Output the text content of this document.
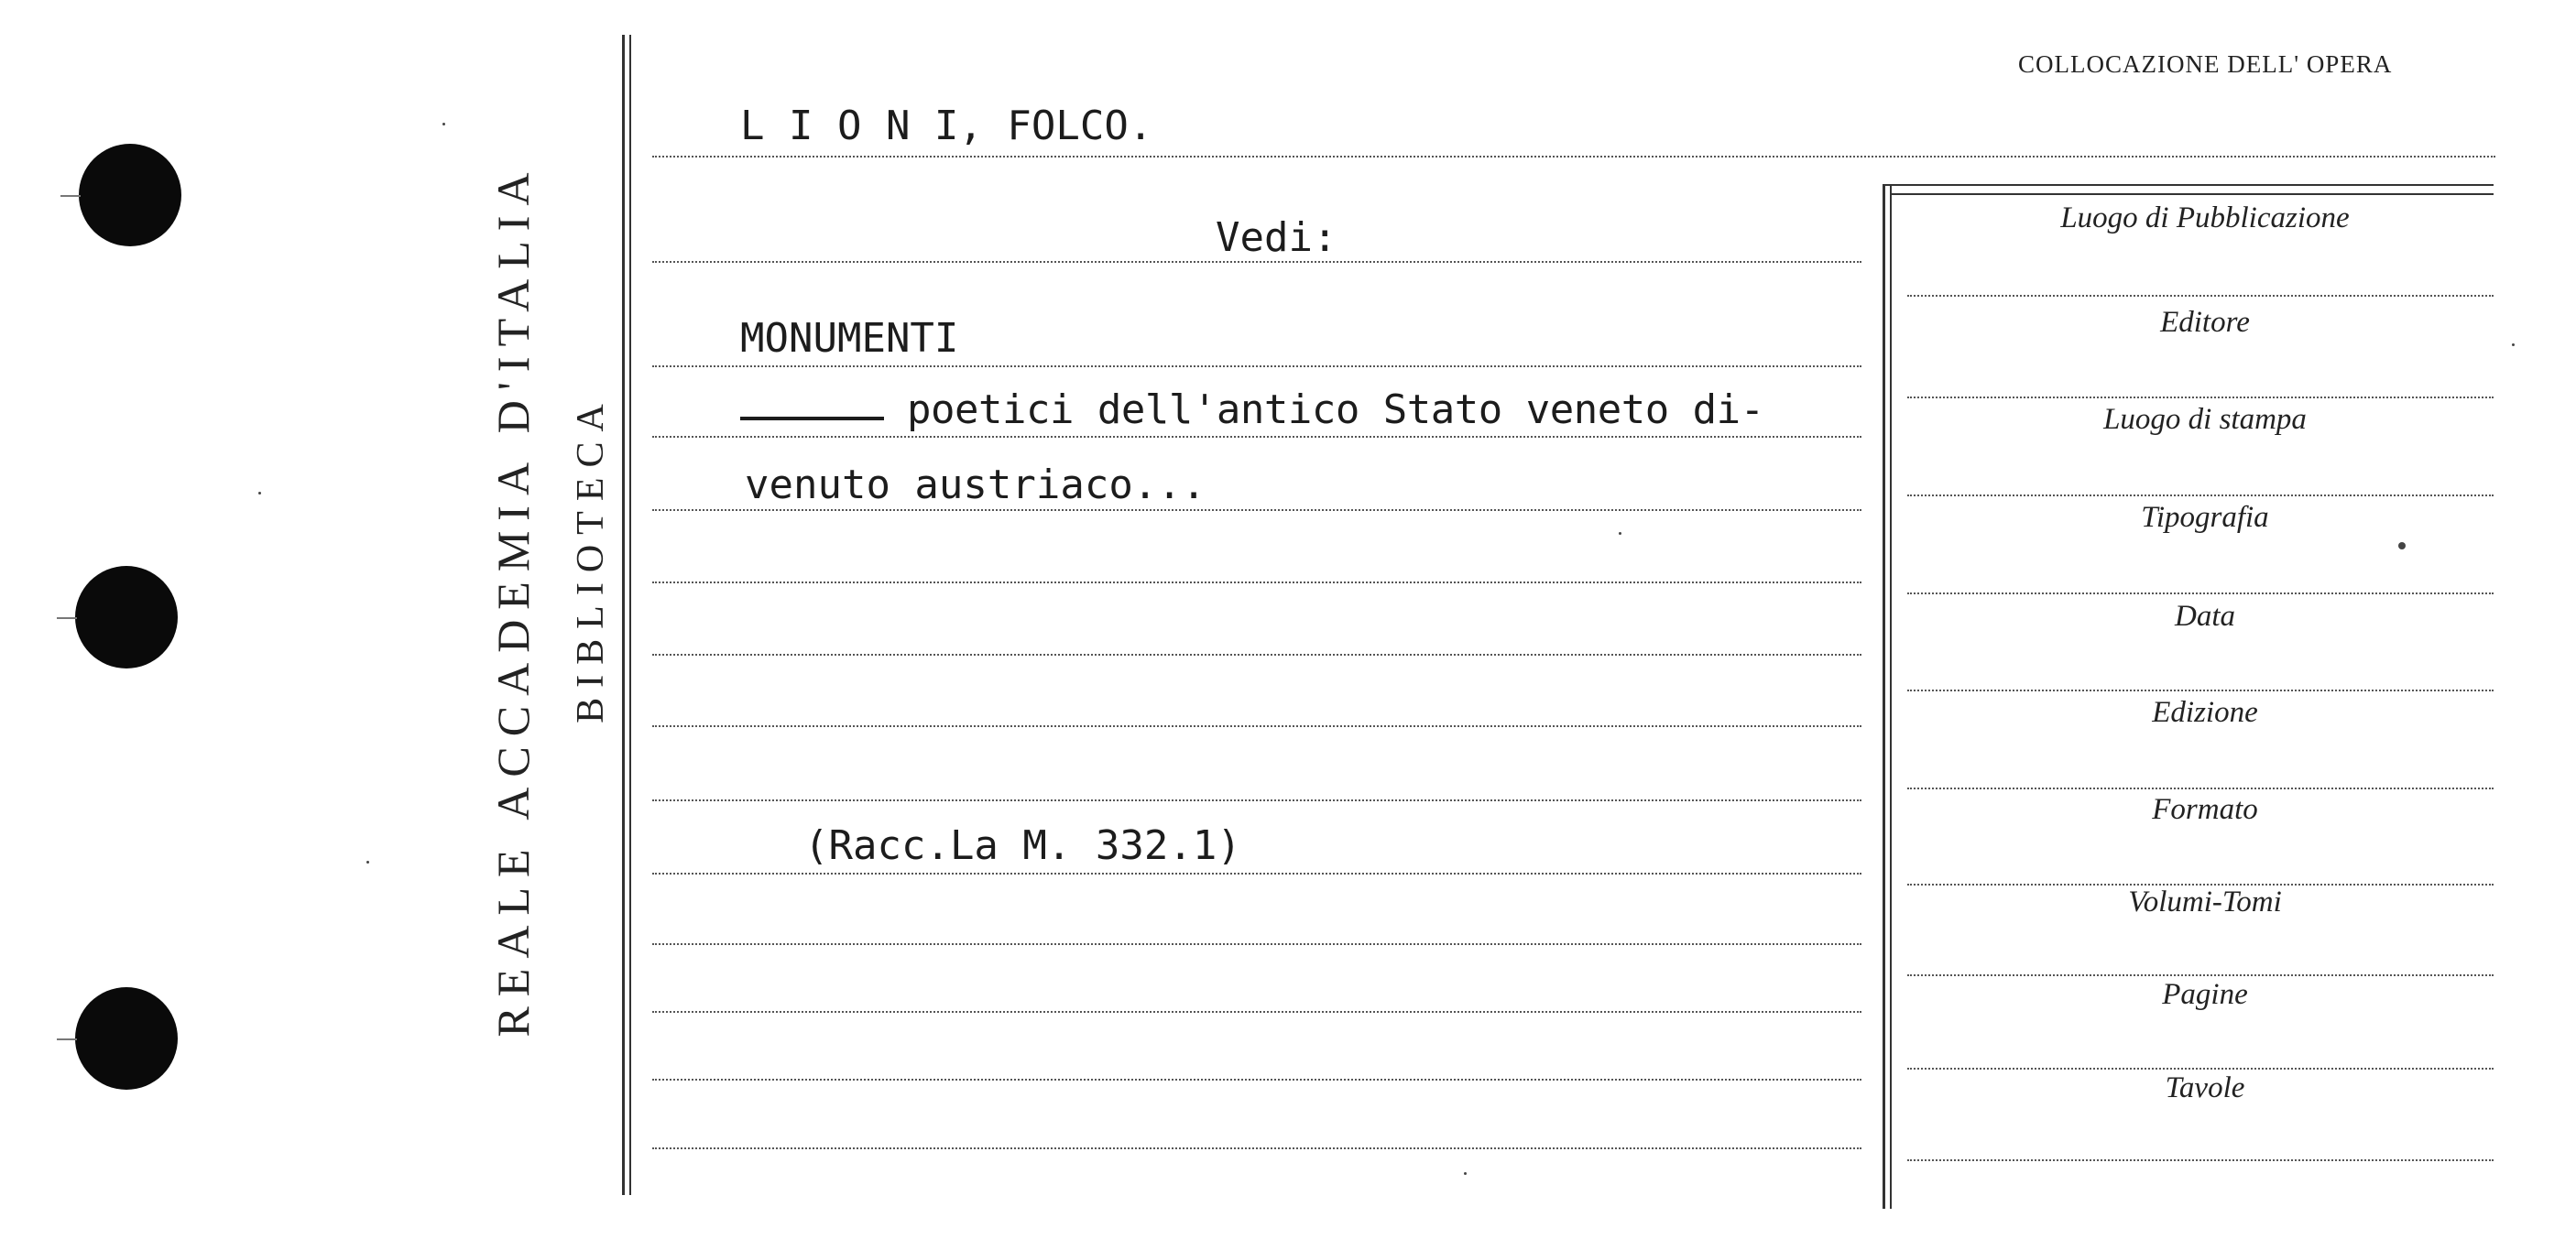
REALE ACCADEMIA D'ITALIA BIBLIOTECA
COLLOCAZIONE DELL' OPERA
Luogo di Pubblicazione
Editore
Luogo di stampa
Tipografia
Data
Edizione
Formato
Volumi-Tomi
Pagine
Tavole
L I O N I, FOLCO.
Vedi:
MONUMENTI
poetici dell'antico Stato veneto di-
venuto austriaco...
(Racc.La M. 332.1)
